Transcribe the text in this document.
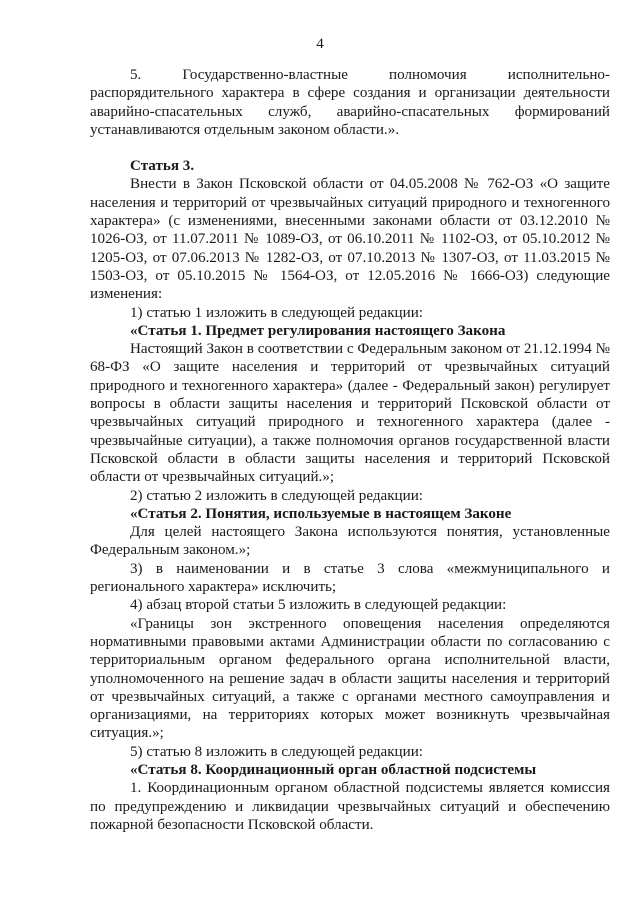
4

5. Государственно-властные полномочия исполнительно-распорядительного характера в сфере создания и организации деятельности аварийно-спасательных служб, аварийно-спасательных формирований устанавливаются отдельным законом области.».

Статья 3.

Внести в Закон Псковской области от 04.05.2008 № 762-ОЗ «О защите населения и территорий от чрезвычайных ситуаций природного и техногенного характера» (с изменениями, внесенными законами области от 03.12.2010 № 1026-ОЗ, от 11.07.2011 № 1089-ОЗ, от 06.10.2011 № 1102-ОЗ, от 05.10.2012 № 1205-ОЗ, от 07.06.2013 № 1282-ОЗ, от 07.10.2013 № 1307-ОЗ, от 11.03.2015 № 1503-ОЗ, от 05.10.2015 № 1564-ОЗ, от 12.05.2016 № 1666-ОЗ) следующие изменения:

1) статью 1 изложить в следующей редакции:

«Статья 1. Предмет регулирования настоящего Закона

Настоящий Закон в соответствии с Федеральным законом от 21.12.1994 № 68-ФЗ «О защите населения и территорий от чрезвычайных ситуаций природного и техногенного характера» (далее - Федеральный закон) регулирует вопросы в области защиты населения и территорий Псковской области от чрезвычайных ситуаций природного и техногенного характера (далее - чрезвычайные ситуации), а также полномочия органов государственной власти Псковской области в области защиты населения и территорий Псковской области от чрезвычайных ситуаций.»;

2) статью 2 изложить в следующей редакции:

«Статья 2. Понятия, используемые в настоящем Законе

Для целей настоящего Закона используются понятия, установленные Федеральным законом.»;

3) в наименовании и в статье 3 слова «межмуниципального и регионального характера» исключить;

4) абзац второй статьи 5 изложить в следующей редакции:

«Границы зон экстренного оповещения населения определяются нормативными правовыми актами Администрации области по согласованию с территориальным органом федерального органа исполнительной власти, уполномоченного на решение задач в области защиты населения и территорий от чрезвычайных ситуаций, а также с органами местного самоуправления и организациями, на территориях которых может возникнуть чрезвычайная ситуация.»;

5) статью 8 изложить в следующей редакции:

«Статья 8. Координационный орган областной подсистемы

1. Координационным органом областной подсистемы является комиссия по предупреждению и ликвидации чрезвычайных ситуаций и обеспечению пожарной безопасности Псковской области.
